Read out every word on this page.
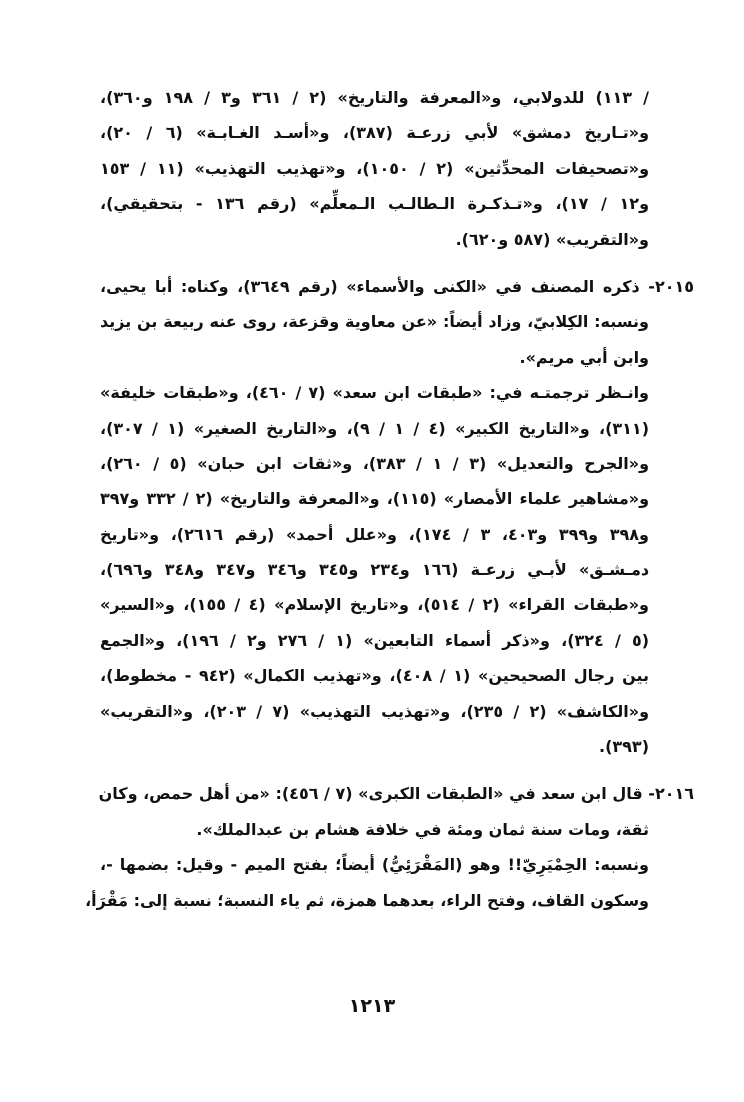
/ ١١٣) للدولابي، و«المعرفة والتاريخ» (٢ / ٣٦١ و٣ / ١٩٨ و٣٦٠)،
و«تـاريخ دمشق» لأبي زرعـة (٣٨٧)، و«أسـد الغـابـة» (٦ / ٢٠)،
و«تصحيفات المحدِّثين» (٢ / ١٠٥٠)، و«تهذيب التهذيب» (١١ / ١٥٣
و١٢ / ١٧)، و«تـذكـرة الـطالـب الـمعلِّم» (رقم ١٣٦ - بتحقيقي)،
و«التقريب» (٥٨٧ و٦٢٠).
٢٠١٥- ذكره المصنف في «الكنى والأسماء» (رقم ٣٦٤٩)، وكناه: أبا يحيى،
ونسبه: الكِلابيّ، وزاد أيضاً: «عن معاوية وقزعة، روى عنه ربيعة بن يزيد
وابن أبي مريم».
وانـظر ترجمتـه في: «طبقات ابن سعد» (٧ / ٤٦٠)، و«طبقات خليفة»
(٣١١)، و«التاريخ الكبير» (٤ / ١ / ٩)، و«التاريخ الصغير» (١ / ٣٠٧)،
و«الجرح والتعديل» (٣ / ١ / ٣٨٣)، و«ثقات ابن حبان» (٥ / ٢٦٠)،
و«مشاهير علماء الأمصار» (١١٥)، و«المعرفة والتاريخ» (٢ / ٣٣٢ و٣٩٧
و٣٩٨ و٣٩٩ و٤٠٣، ٣ / ١٧٤)، و«علل أحمد» (رقم ٢٦١٦)، و«تاريخ
دمـشـق» لأبـي زرعـة (١٦٦ و٢٣٤ و٣٤٥ و٣٤٦ و٣٤٧ و٣٤٨ و٦٩٦)،
و«طبقات القراء» (٢ / ٥١٤)، و«تاريخ الإسلام» (٤ / ١٥٥)، و«السير»
(٥ / ٣٢٤)، و«ذكر أسماء التابعين» (١ / ٢٧٦ و٢ / ١٩٦)، و«الجمع
بين رجال الصحيحين» (١ / ٤٠٨)، و«تهذيب الكمال» (٩٤٢ - مخطوط)،
و«الكاشف» (٢ / ٢٣٥)، و«تهذيب التهذيب» (٧ / ٢٠٣)، و«التقريب»
(٣٩٣).
٢٠١٦- قال ابن سعد في «الطبقات الكبرى» (٧ / ٤٥٦): «من أهل حمص، وكان
ثقة، ومات سنة ثمان ومئة في خلافة هشام بن عبدالملك».
ونسبه: الحِمْيَرِيّ!! وهو (المَقْرَئِيُّ) أيضاً؛ بفتح الميم - وقيل: بضمها -،
وسكون القاف، وفتح الراء، بعدهما همزة، ثم ياء النسبة؛ نسبة إلى: مَقْرَأ،
١٢١٣
